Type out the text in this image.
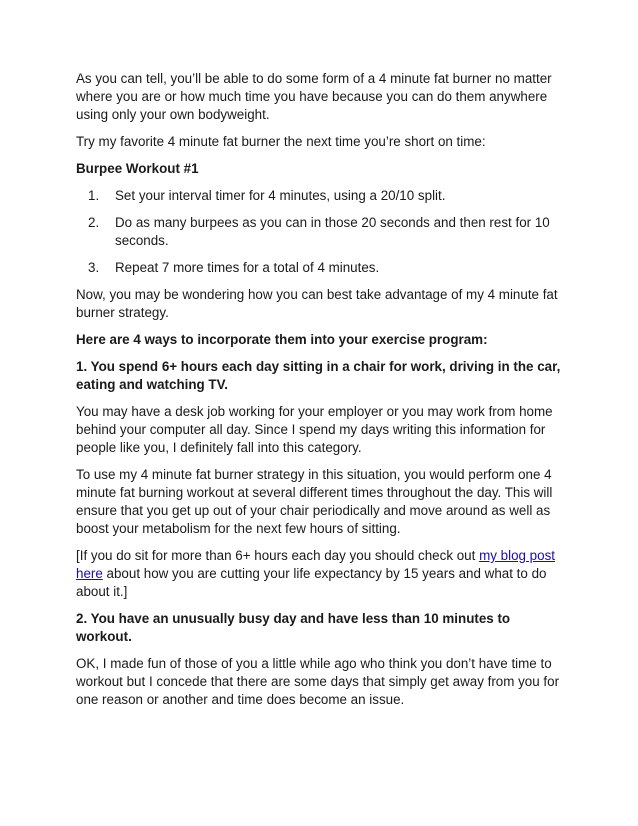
As you can tell, you’ll be able to do some form of a 4 minute fat burner no matter where you are or how much time you have because you can do them anywhere using only your own bodyweight.

Try my favorite 4 minute fat burner the next time you’re short on time:

Burpee Workout #1

1. Set your interval timer for 4 minutes, using a 20/10 split.
2. Do as many burpees as you can in those 20 seconds and then rest for 10 seconds.
3. Repeat 7 more times for a total of 4 minutes.

Now, you may be wondering how you can best take advantage of my 4 minute fat burner strategy.

Here are 4 ways to incorporate them into your exercise program:

1. You spend 6+ hours each day sitting in a chair for work, driving in the car, eating and watching TV.

You may have a desk job working for your employer or you may work from home behind your computer all day. Since I spend my days writing this information for people like you, I definitely fall into this category.

To use my 4 minute fat burner strategy in this situation, you would perform one 4 minute fat burning workout at several different times throughout the day. This will ensure that you get up out of your chair periodically and move around as well as boost your metabolism for the next few hours of sitting.

[If you do sit for more than 6+ hours each day you should check out my blog post here about how you are cutting your life expectancy by 15 years and what to do about it.]

2. You have an unusually busy day and have less than 10 minutes to workout.

OK, I made fun of those of you a little while ago who think you don’t have time to workout but I concede that there are some days that simply get away from you for one reason or another and time does become an issue.
